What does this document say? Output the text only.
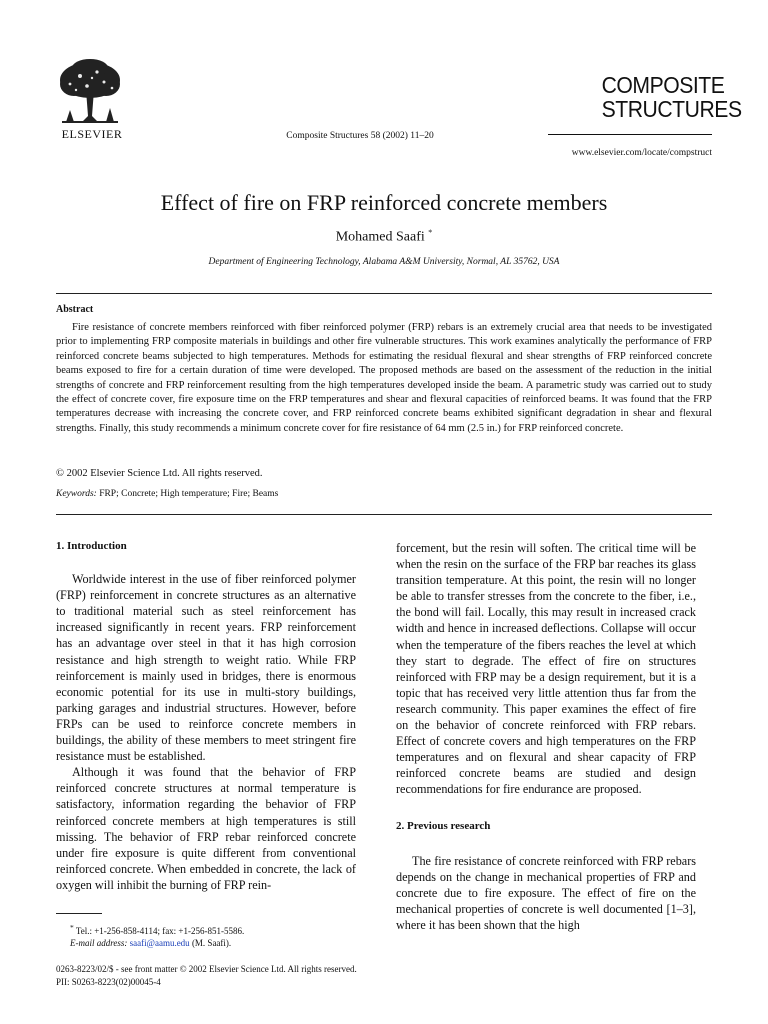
ELSEVIER	Composite Structures 58 (2002) 11–20
COMPOSITE
STRUCTURES
www.elsevier.com/locate/compstruct
Effect of fire on FRP reinforced concrete members
Mohamed Saafi *
Department of Engineering Technology, Alabama A&M University, Normal, AL 35762, USA
Abstract
Fire resistance of concrete members reinforced with fiber reinforced polymer (FRP) rebars is an extremely crucial area that needs to be investigated prior to implementing FRP composite materials in buildings and other fire vulnerable structures. This work examines analytically the performance of FRP reinforced concrete beams subjected to high temperatures. Methods for estimating the residual flexural and shear strengths of FRP reinforced concrete beams exposed to fire for a certain duration of time were developed. The proposed methods are based on the assessment of the reduction in the initial strengths of concrete and FRP reinforcement resulting from the high temperatures developed inside the beam. A parametric study was carried out to study the effect of concrete cover, fire exposure time on the FRP temperatures and shear and flexural capacities of reinforced beams. It was found that the FRP temperatures decrease with increasing the concrete cover, and FRP reinforced concrete beams exhibited significant degradation in shear and flexural strengths. Finally, this study recommends a minimum concrete cover for fire resistance of 64 mm (2.5 in.) for FRP reinforced concrete.
© 2002 Elsevier Science Ltd. All rights reserved.
Keywords: FRP; Concrete; High temperature; Fire; Beams
1. Introduction

Worldwide interest in the use of fiber reinforced polymer (FRP) reinforcement in concrete structures as an alternative to traditional material such as steel reinforcement has increased significantly in recent years. FRP reinforcement has an advantage over steel in that it has high corrosion resistance and high strength to weight ratio. While FRP reinforcement is mainly used in bridges, there is enormous economic potential for its use in multi-story buildings, parking garages and industrial structures. However, before FRPs can be used to reinforce concrete members in buildings, the ability of these members to meet stringent fire resistance must be established.

Although it was found that the behavior of FRP reinforced concrete structures at normal temperature is satisfactory, information regarding the behavior of FRP reinforced concrete members at high temperatures is still missing. The behavior of FRP rebar reinforced concrete under fire exposure is quite different from conventional reinforced concrete. When embedded in concrete, the lack of oxygen will inhibit the burning of FRP rein-

forcement, but the resin will soften. The critical time will be when the resin on the surface of the FRP bar reaches its glass transition temperature. At this point, the resin will no longer be able to transfer stresses from the concrete to the fiber, i.e., the bond will fail. Locally, this may result in increased crack width and hence in increased deflections. Collapse will occur when the temperature of the fibers reaches the level at which they start to degrade. The effect of fire on structures reinforced with FRP may be a design requirement, but it is a topic that has received very little attention thus far from the research community. This paper examines the effect of fire on the behavior of concrete reinforced with FRP rebars. Effect of concrete covers and high temperatures on the FRP temperatures and on flexural and shear capacity of FRP reinforced concrete beams are studied and design recommendations for fire endurance are proposed.

2. Previous research

The fire resistance of concrete reinforced with FRP rebars depends on the change in mechanical properties of FRP and concrete due to fire exposure. The effect of fire on the mechanical properties of concrete is well documented [1–3], where it has been shown that the high

* Tel.: +1-256-858-4114; fax: +1-256-851-5586.
E-mail address: saafi@aamu.edu (M. Saafi).
0263-8223/02/$ - see front matter © 2002 Elsevier Science Ltd. All rights reserved.
PII: S0263-8223(02)00045-4
